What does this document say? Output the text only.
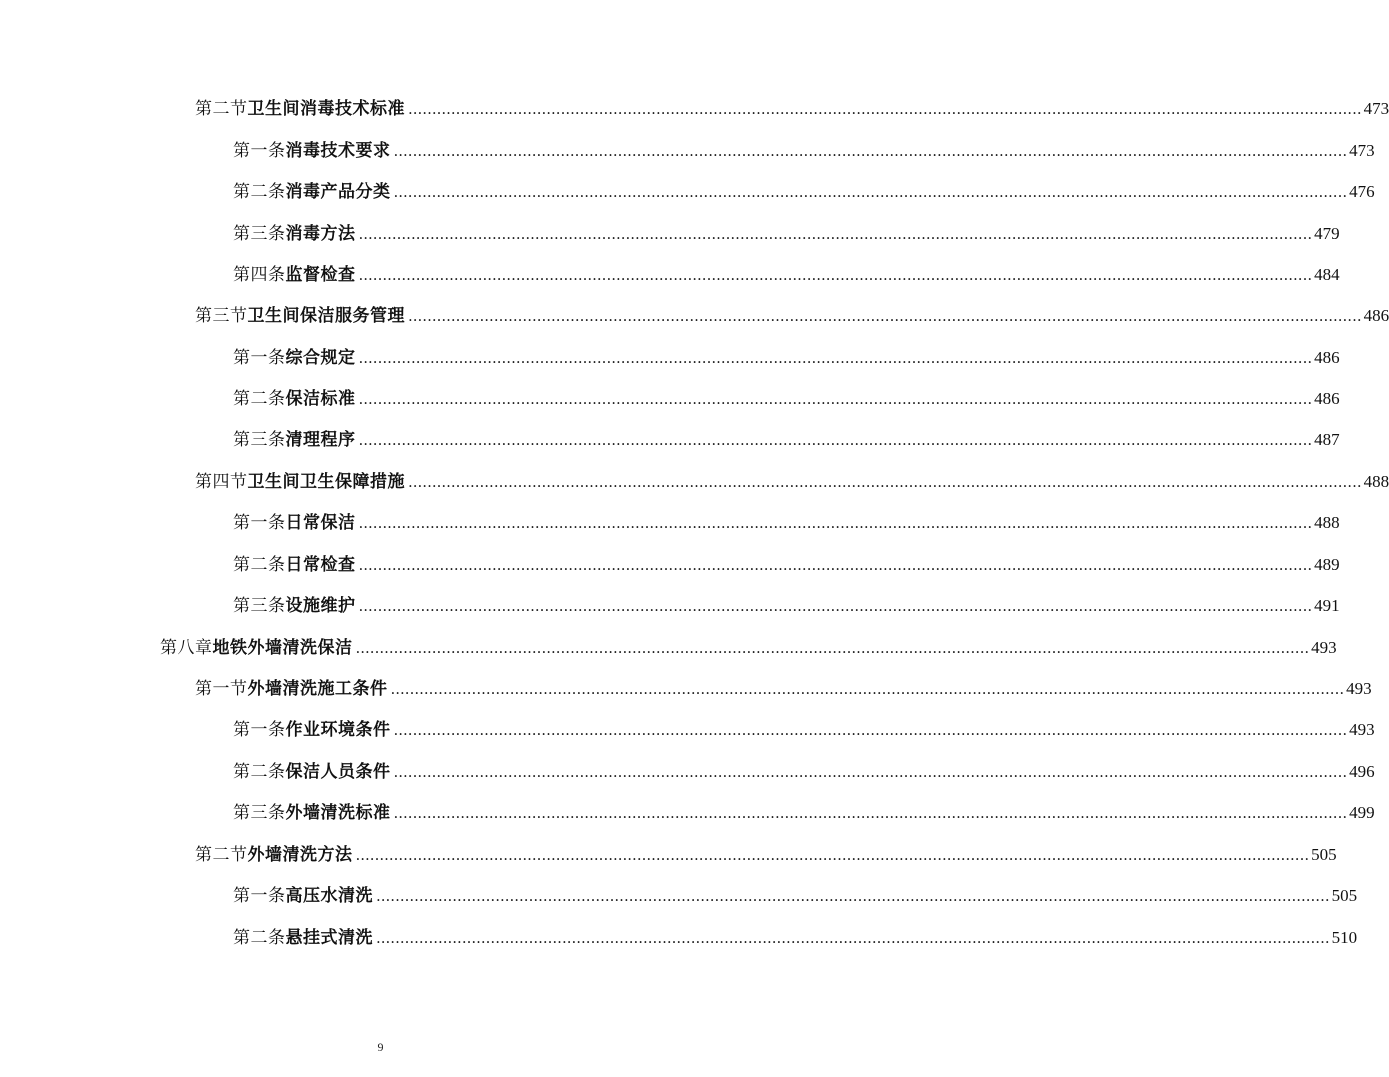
第二节 卫生间消毒技术标准 ........................................................................................................................................................................................................ 473
第一条 消毒技术要求 ........................................................................................................................................................................................................ 473
第二条 消毒产品分类 ........................................................................................................................................................................................................ 476
第三条 消毒方法 ........................................................................................................................................................................................................ 479
第四条 监督检查 ........................................................................................................................................................................................................ 484
第三节 卫生间保洁服务管理 ........................................................................................................................................................................................................ 486
第一条 综合规定 ........................................................................................................................................................................................................ 486
第二条 保洁标准 ........................................................................................................................................................................................................ 486
第三条 清理程序 ........................................................................................................................................................................................................ 487
第四节 卫生间卫生保障措施 ........................................................................................................................................................................................................ 488
第一条 日常保洁 ........................................................................................................................................................................................................ 488
第二条 日常检查 ........................................................................................................................................................................................................ 489
第三条 设施维护 ........................................................................................................................................................................................................ 491
第八章 地铁外墙清洗保洁 ........................................................................................................................................................................................................ 493
第一节 外墙清洗施工条件 ........................................................................................................................................................................................................ 493
第一条 作业环境条件 ........................................................................................................................................................................................................ 493
第二条 保洁人员条件 ........................................................................................................................................................................................................ 496
第三条 外墙清洗标准 ........................................................................................................................................................................................................ 499
第二节 外墙清洗方法 ........................................................................................................................................................................................................ 505
第一条 高压水清洗 ........................................................................................................................................................................................................ 505
第二条 悬挂式清洗 ........................................................................................................................................................................................................ 510
9
